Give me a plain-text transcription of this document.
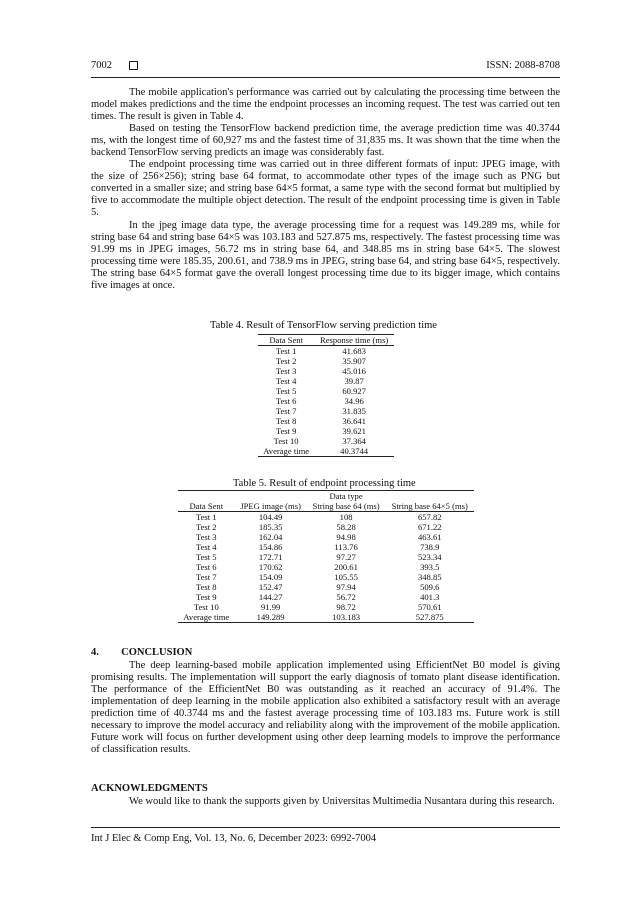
7002	ISSN: 2088-8708

The mobile application's performance was carried out by calculating the processing time between the model makes predictions and the time the endpoint processes an incoming request. The test was carried out ten times. The result is given in Table 4.

Based on testing the TensorFlow backend prediction time, the average prediction time was 40.3744 ms, with the longest time of 60,927 ms and the fastest time of 31,835 ms. It was shown that the time when the backend TensorFlow serving predicts an image was considerably fast.

The endpoint processing time was carried out in three different formats of input: JPEG image, with the size of 256×256); string base 64 format, to accommodate other types of the image such as PNG but converted in a smaller size; and string base 64×5 format, a same type with the second format but multiplied by five to accommodate the multiple object detection. The result of the endpoint processing time is given in Table 5.

In the jpeg image data type, the average processing time for a request was 149.289 ms, while for string base 64 and string base 64×5 was 103.183 and 527.875 ms, respectively. The fastest processing time was 91.99 ms in JPEG images, 56.72 ms in string base 64, and 348.85 ms in string base 64×5. The slowest processing time were 185.35, 200.61, and 738.9 ms in JPEG, string base 64, and string base 64×5, respectively. The string base 64×5 format gave the overall longest processing time due to its bigger image, which contains five images at once.

Table 4. Result of TensorFlow serving prediction time
Data Sent	Response time (ms)
Test 1	41.683
Test 2	35.907
Test 3	45.016
Test 4	39.87
Test 5	60.927
Test 6	34.96
Test 7	31.835
Test 8	36.641
Test 9	39.621
Test 10	37.364
Average time	40.3744
Table 5. Result of endpoint processing time
		Data type	
Data Sent	JPEG image (ms)	String base 64 (ms)	String base 64×5 (ms)
Test 1	104.49	108	657.82
Test 2	185.35	58.28	671.22
Test 3	162.04	94.98	463.61
Test 4	154.86	113.76	738.9
Test 5	172.71	97.27	523.34
Test 6	170.62	200.61	393.5
Test 7	154.09	105.55	348.85
Test 8	152.47	97.94	509.6
Test 9	144.27	56.72	401.3
Test 10	91.99	98.72	570.61
Average time	149.289	103.183	527.875
4. CONCLUSION

The deep learning-based mobile application implemented using EfficientNet B0 model is giving promising results. The implementation will support the early diagnosis of tomato plant disease identification. The performance of the EfficientNet B0 was outstanding as it reached an accuracy of 91.4%. The implementation of deep learning in the mobile application also exhibited a satisfactory result with an average prediction time of 40.3744 ms and the fastest average processing time of 103.183 ms. Future work is still necessary to improve the model accuracy and reliability along with the improvement of the mobile application. Future work will focus on further development using other deep learning models to improve the performance of classification results.

ACKNOWLEDGMENTS

We would like to thank the supports given by Universitas Multimedia Nusantara during this research.

Int J Elec & Comp Eng, Vol. 13, No. 6, December 2023: 6992-7004
